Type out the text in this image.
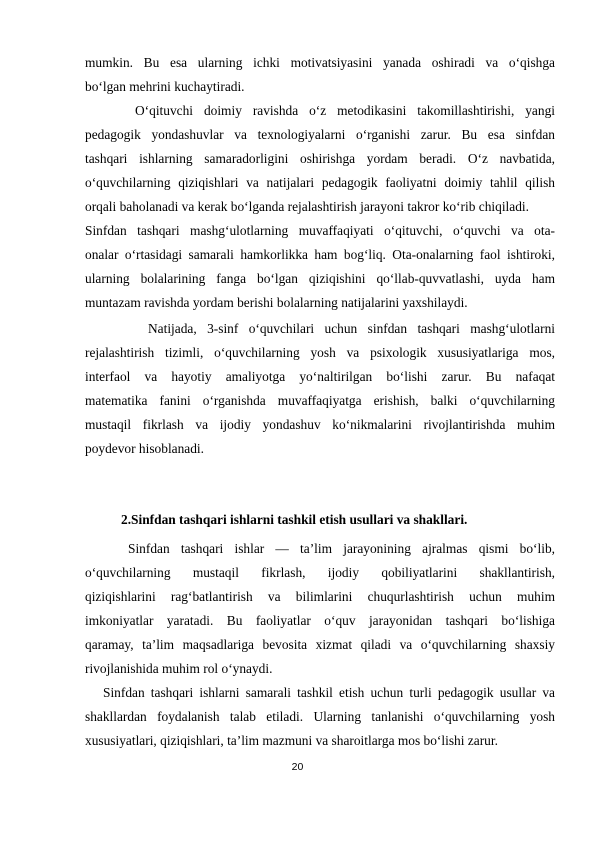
mumkin. Bu esa ularning ichki motivatsiyasini yanada oshiradi va o‘qishga
bo‘lgan mehrini kuchaytiradi.
O‘qituvchi doimiy ravishda o‘z metodikasini takomillashtirishi, yangi
pedagogik yondashuvlar va texnologiyalarni o‘rganishi zarur. Bu esa sinfdan
tashqari ishlarning samaradorligini oshirishga yordam beradi. O‘z navbatida,
o‘quvchilarning qiziqishlari va natijalari pedagogik faoliyatni doimiy tahlil qilish
orqali baholanadi va kerak bo‘lganda rejalashtirish jarayoni takror ko‘rib chiqiladi.
Sinfdan tashqari mashg‘ulotlarning muvaffaqiyati o‘qituvchi, o‘quvchi va ota-
onalar o‘rtasidagi samarali hamkorlikka ham bog‘liq. Ota-onalarning faol ishtiroki,
ularning bolalarining fanga bo‘lgan qiziqishini qo‘llab-quvvatlashi, uyda ham
muntazam ravishda yordam berishi bolalarning natijalarini yaxshilaydi.
Natijada, 3-sinf o‘quvchilari uchun sinfdan tashqari mashg‘ulotlarni
rejalashtirish tizimli, o‘quvchilarning yosh va psixologik xususiyatlariga mos,
interfaol va hayotiy amaliyotga yo‘naltirilgan bo‘lishi zarur. Bu nafaqat
matematika fanini o‘rganishda muvaffaqiyatga erishish, balki o‘quvchilarning
mustaqil fikrlash va ijodiy yondashuv ko‘nikmalarini rivojlantirishda muhim
poydevor hisoblanadi.
2.Sinfdan tashqari ishlarni tashkil etish usullari va shakllari.
Sinfdan tashqari ishlar — ta’lim jarayonining ajralmas qismi bo‘lib,
o‘quvchilarning mustaqil fikrlash, ijodiy qobiliyatlarini shakllantirish,
qiziqishlarini rag‘batlantirish va bilimlarini chuqurlashtirish uchun muhim
imkoniyatlar yaratadi. Bu faoliyatlar o‘quv jarayonidan tashqari bo‘lishiga
qaramay, ta’lim maqsadlariga bevosita xizmat qiladi va o‘quvchilarning shaxsiy
rivojlanishida muhim rol o‘ynaydi.
Sinfdan tashqari ishlarni samarali tashkil etish uchun turli pedagogik usullar va
shakllardan foydalanish talab etiladi. Ularning tanlanishi o‘quvchilarning yosh
xususiyatlari, qiziqishlari, ta’lim mazmuni va sharoitlarga mos bo‘lishi zarur.
20
